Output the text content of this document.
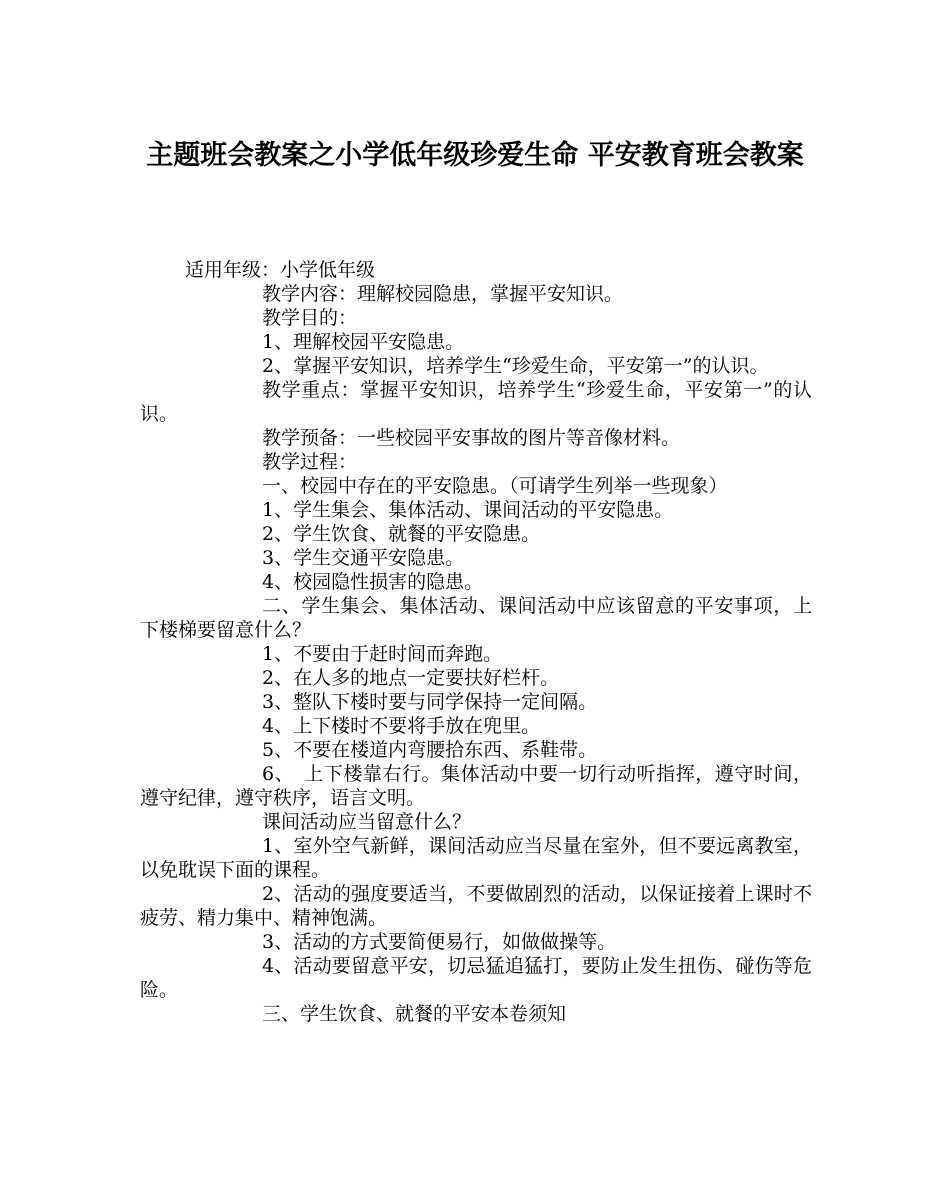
主题班会教案之小学低年级珍爱生命 平安教育班会教案

适用年级：小学低年级

教学内容：理解校园隐患，掌握平安知识。

教学目的：

1、理解校园平安隐患。

2、掌握平安知识，培养学生“珍爱生命，平安第一”的认识。

教学重点：掌握平安知识，培养学生“珍爱生命，平安第一”的认识。

教学预备：一些校园平安事故的图片等音像材料。

教学过程：

一、校园中存在的平安隐患。（可请学生列举一些现象）

1、学生集会、集体活动、课间活动的平安隐患。

2、学生饮食、就餐的平安隐患。

3、学生交通平安隐患。

4、校园隐性损害的隐患。

二、学生集会、集体活动、课间活动中应该留意的平安事项，上下楼梯要留意什么？

1、不要由于赶时间而奔跑。

2、在人多的地点一定要扶好栏杆。

3、整队下楼时要与同学保持一定间隔。

4、上下楼时不要将手放在兜里。

5、不要在楼道内弯腰拾东西、系鞋带。

6、　上下楼靠右行。集体活动中要一切行动听指挥，遵守时间，遵守纪律，遵守秩序，语言文明。

课间活动应当留意什么？

1、室外空气新鲜，课间活动应当尽量在室外，但不要远离教室，以免耽误下面的课程。

2、活动的强度要适当，不要做剧烈的活动，以保证接着上课时不疲劳、精力集中、精神饱满。

3、活动的方式要简便易行，如做做操等。

4、活动要留意平安，切忌猛追猛打，要防止发生扭伤、碰伤等危险。

三、学生饮食、就餐的平安本卷须知
